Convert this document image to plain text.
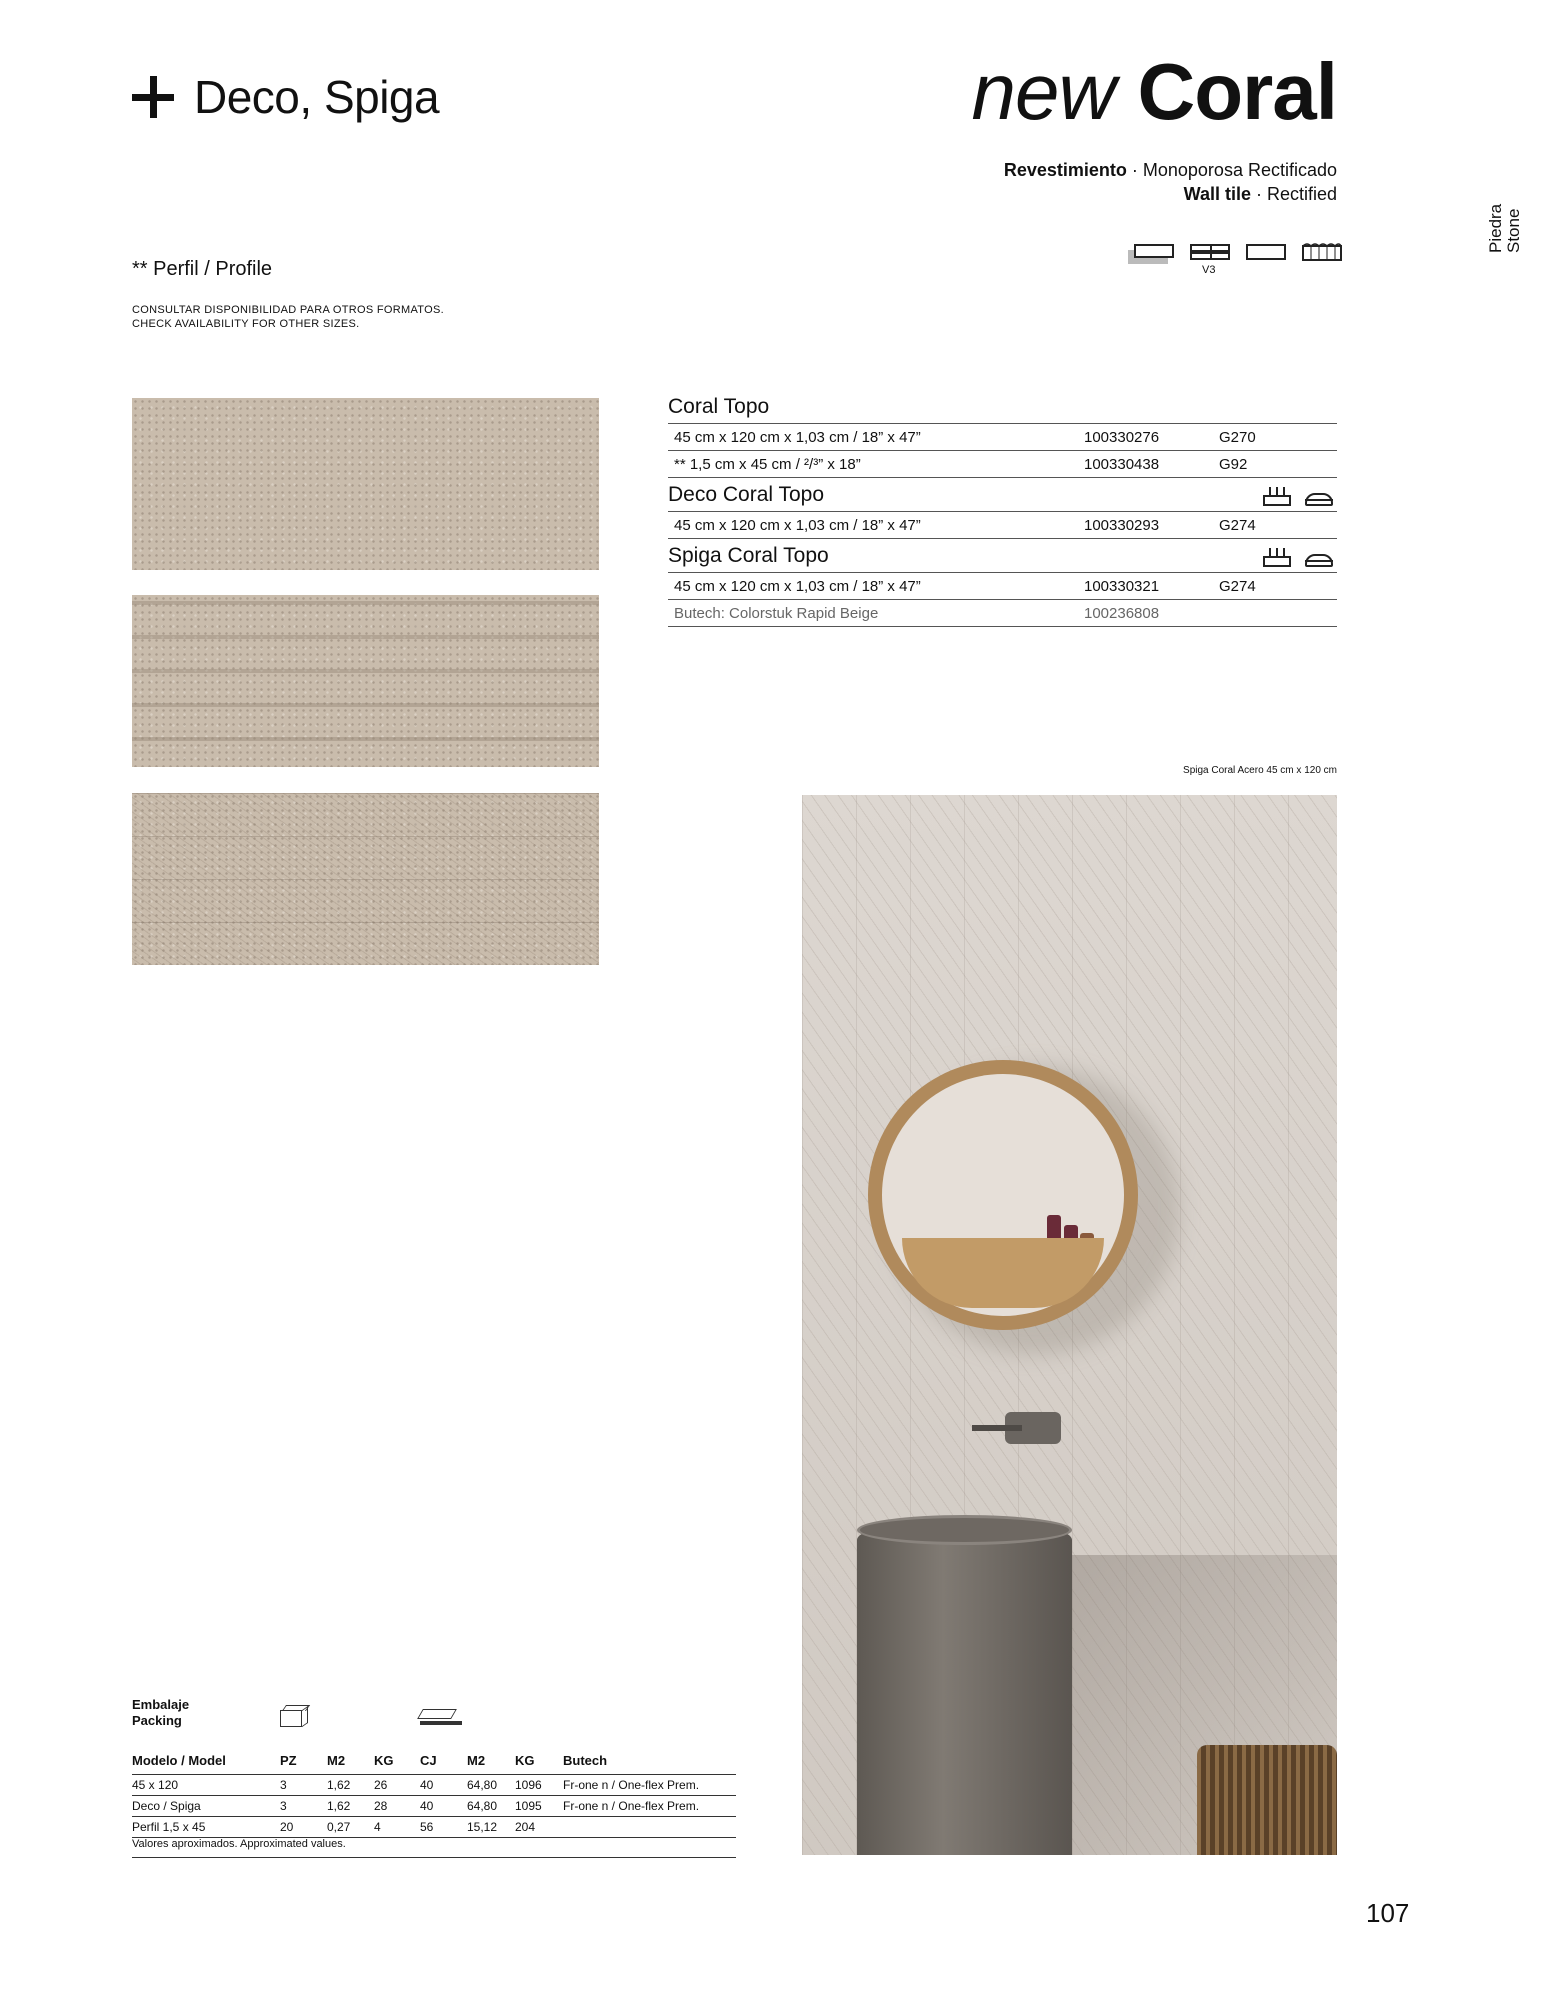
Deco, Spiga	new Coral
Revestimiento · Monoporosa Rectificado
Wall tile · Rectified
Piedra Stone
V3
** Perfil / Profile
CONSULTAR DISPONIBILIDAD PARA OTROS FORMATOS.
CHECK AVAILABILITY FOR OTHER SIZES.
Coral Topo
45 cm x 120 cm x 1,03 cm / 18” x 47”	100330276	G270
** 1,5 cm x 45 cm / ²/³” x 18”	100330438	G92
Deco Coral Topo
45 cm x 120 cm x 1,03 cm / 18” x 47”	100330293	G274
Spiga Coral Topo
45 cm x 120 cm x 1,03 cm / 18” x 47”	100330321	G274
Butech: Colorstuk Rapid Beige	100236808
Spiga Coral Acero 45 cm x 120 cm
Embalaje
Packing
Modelo / Model	PZ	M2	KG	CJ	M2	KG	Butech
45 x 120	3	1,62	26	40	64,80	1096	Fr-one n / One-flex Prem.
Deco / Spiga	3	1,62	28	40	64,80	1095	Fr-one n / One-flex Prem.
Perfil 1,5 x 45	20	0,27	4	56	15,12	204	
Valores aproximados. Approximated values.
107
